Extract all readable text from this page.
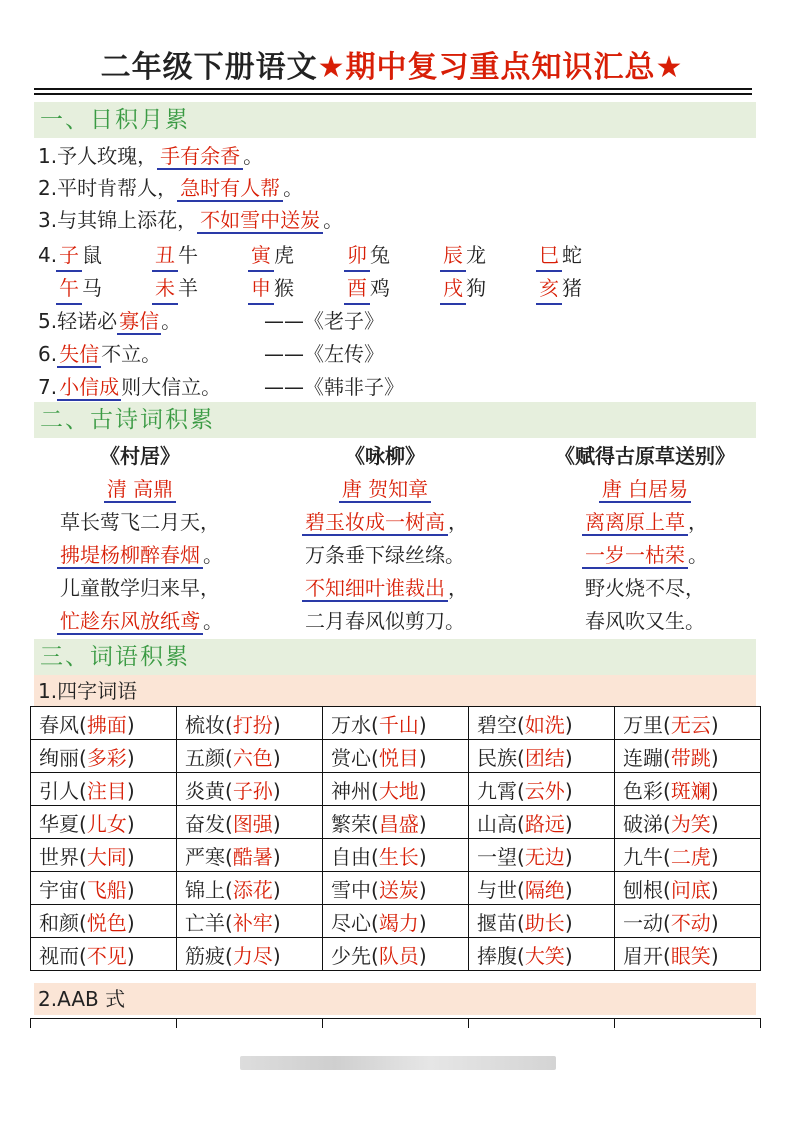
二年级下册语文★期中复习重点知识汇总★
一、日积月累
1.予人玫瑰， 手有余香 。
2.平时肯帮人， 急时有人帮 。
3.与其锦上添花， 不如雪中送炭 。
4.子 鼠	丑 牛	寅 虎	卯 兔	辰 龙	巳 蛇
午 马	未 羊	申 猴	酉 鸡	戌 狗	亥 猪
5.轻诺必 寡信 。	——《老子》
6. 失信 不立。	——《左传》
7. 小信成 则大信立。 ——《韩非子》
二、古诗词积累
《村居》
清 高鼎
草长莺飞二月天，
拂堤杨柳醉春烟 。
儿童散学归来早，
忙趁东风放纸鸢 。
《咏柳》
唐 贺知章
碧玉妆成一树高 ，
万条垂下绿丝绦。
不知细叶谁裁出 ，
二月春风似剪刀。
《赋得古原草送别》
唐 白居易
离离原上草 ，
一岁一枯荣 。
野火烧不尽，
春风吹又生。
三、词语积累
1.四字词语
春风(拂面)	梳妆(打扮)	万水(千山)	碧空(如洗)	万里(无云)
绚丽(多彩)	五颜(六色)	赏心(悦目)	民族(团结)	连蹦(带跳)
引人(注目)	炎黄(子孙)	神州(大地)	九霄(云外)	色彩(斑斓)
华夏(儿女)	奋发(图强)	繁荣(昌盛)	山高(路远)	破涕(为笑)
世界(大同)	严寒(酷暑)	自由(生长)	一望(无边)	九牛(二虎)
宇宙(飞船)	锦上(添花)	雪中(送炭)	与世(隔绝)	刨根(问底)
和颜(悦色)	亡羊(补牢)	尽心(竭力)	揠苗(助长)	一动(不动)
视而(不见)	筋疲(力尽)	少先(队员)	捧腹(大笑)	眉开(眼笑)
2.AAB 式
